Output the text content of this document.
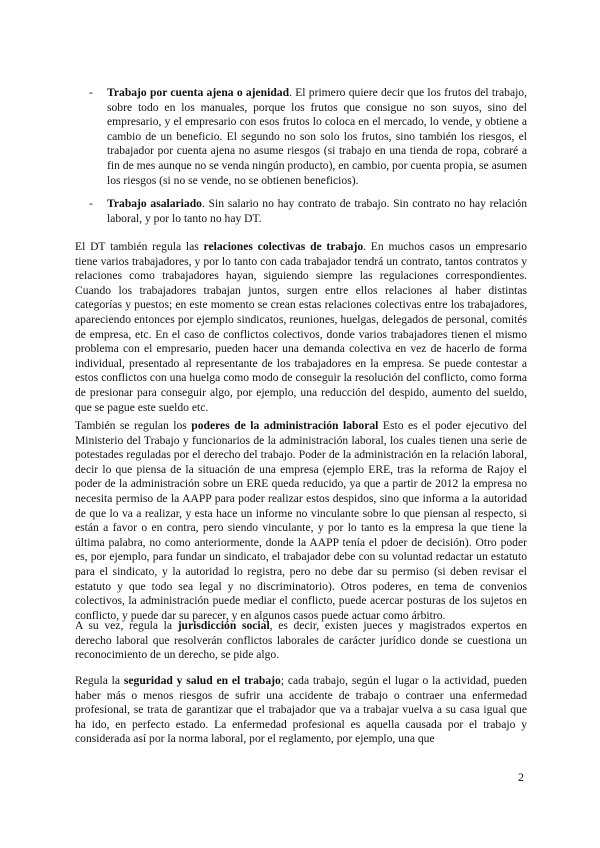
- Trabajo por cuenta ajena o ajenidad. El primero quiere decir que los frutos del trabajo, sobre todo en los manuales, porque los frutos que consigue no son suyos, sino del empresario, y el empresario con esos frutos lo coloca en el mercado, lo vende, y obtiene a cambio de un beneficio. El segundo no son solo los frutos, sino también los riesgos, el trabajador por cuenta ajena no asume riesgos (si trabajo en una tienda de ropa, cobraré a fin de mes aunque no se venda ningún producto), en cambio, por cuenta propia, se asumen los riesgos (si no se vende, no se obtienen beneficios).
- Trabajo asalariado. Sin salario no hay contrato de trabajo. Sin contrato no hay relación laboral, y por lo tanto no hay DT.
El DT también regula las relaciones colectivas de trabajo. En muchos casos un empresario tiene varios trabajadores, y por lo tanto con cada trabajador tendrá un contrato, tantos contratos y relaciones como trabajadores hayan, siguiendo siempre las regulaciones correspondientes. Cuando los trabajadores trabajan juntos, surgen entre ellos relaciones al haber distintas categorías y puestos; en este momento se crean estas relaciones colectivas entre los trabajadores, apareciendo entonces por ejemplo sindicatos, reuniones, huelgas, delegados de personal, comités de empresa, etc. En el caso de conflictos colectivos, donde varios trabajadores tienen el mismo problema con el empresario, pueden hacer una demanda colectiva en vez de hacerlo de forma individual, presentado al representante de los trabajadores en la empresa. Se puede contestar a estos conflictos con una huelga como modo de conseguir la resolución del conflicto, como forma de presionar para conseguir algo, por ejemplo, una reducción del despido, aumento del sueldo, que se pague este sueldo etc.
También se regulan los poderes de la administración laboral Esto es el poder ejecutivo del Ministerio del Trabajo y funcionarios de la administración laboral, los cuales tienen una serie de potestades reguladas por el derecho del trabajo. Poder de la administración en la relación laboral, decir lo que piensa de la situación de una empresa (ejemplo ERE, tras la reforma de Rajoy el poder de la administración sobre un ERE queda reducido, ya que a partir de 2012 la empresa no necesita permiso de la AAPP para poder realizar estos despidos, sino que informa a la autoridad de que lo va a realizar, y esta hace un informe no vinculante sobre lo que piensan al respecto, si están a favor o en contra, pero siendo vinculante, y por lo tanto es la empresa la que tiene la última palabra, no como anteriormente, donde la AAPP tenía el pdoer de decisión). Otro poder es, por ejemplo, para fundar un sindicato, el trabajador debe con su voluntad redactar un estatuto para el sindicato, y la autoridad lo registra, pero no debe dar su permiso (si deben revisar el estatuto y que todo sea legal y no discriminatorio). Otros poderes, en tema de convenios colectivos, la administración puede mediar el conflicto, puede acercar posturas de los sujetos en conflicto, y puede dar su parecer, y en algunos casos puede actuar como árbitro.
A su vez, regula la jurisdicción social, es decir, existen jueces y magistrados expertos en derecho laboral que resolverán conflictos laborales de carácter jurídico donde se cuestiona un reconocimiento de un derecho, se pide algo.
Regula la seguridad y salud en el trabajo; cada trabajo, según el lugar o la actividad, pueden haber más o menos riesgos de sufrir una accidente de trabajo o contraer una enfermedad profesional, se trata de garantizar que el trabajador que va a trabajar vuelva a su casa igual que ha ido, en perfecto estado. La enfermedad profesional es aquella causada por el trabajo y considerada así por la norma laboral, por el reglamento, por ejemplo, una que
2
